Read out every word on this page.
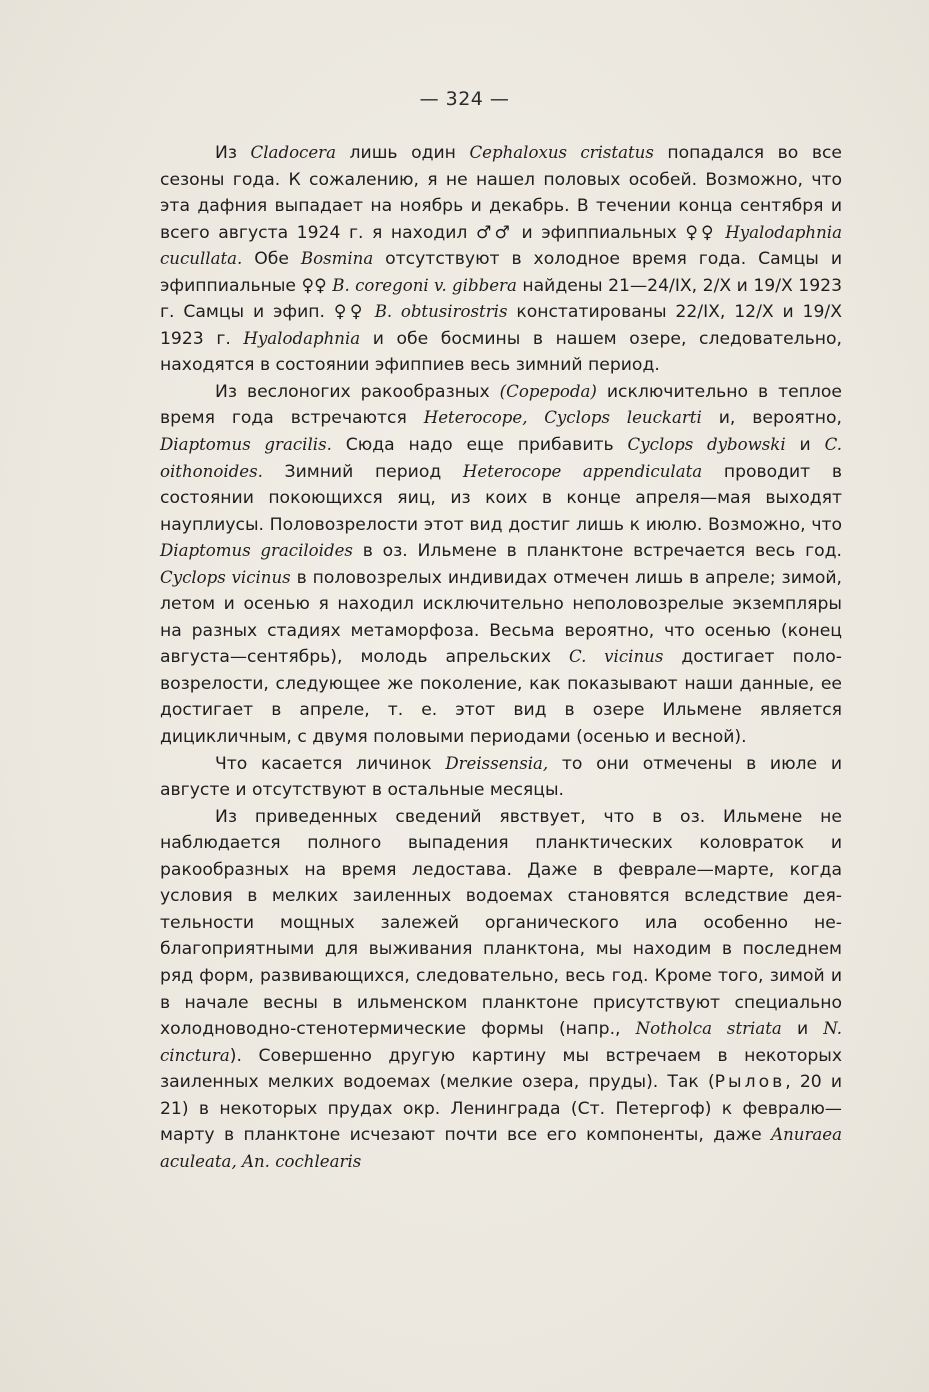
— 324 —

Из Cladocera лишь один Cephaloxus cristatus попадался во все сезоны года. К сожалению, я не нашел половых особей. Возможно, что эта дафния выпадает на ноябрь и декабрь. В течении конца сентября и всего августа 1924 г. я находил ♂♂ и эфиппиальных ♀♀ Hyalodaphnia cucullata. Обе Bosmina отсутствуют в холодное время года. Самцы и эфиппиальные ♀♀ B. coregoni v. gibbera найдены 21—24/IX, 2/X и 19/X 1923 г. Самцы и эфип. ♀♀ B. obtusirostris констатированы 22/IX, 12/X и 19/X 1923 г. Hyalodaphnia и обе босмины в нашем озере, следовательно, находятся в состоянии эфиппиев весь зимний период.

Из веслоногих ракообразных (Copepoda) исключительно в теплое время года встречаются Heterocope, Cyclops leuckarti и, вероятно, Diaptomus gracilis. Сюда надо еще прибавить Cyclops dybowski и C. oithonoides. Зимний период Heterocope appendiculata проводит в состоянии покоющихся яиц, из коих в конце апреля—мая выходят науплиусы. Половозрелости этот вид достиг лишь к июлю. Возможно, что Diaptomus graciloides в оз. Ильмене в планктоне встречается весь год. Cyclops vicinus в половозрелых индивидах отмечен лишь в апреле; зимой, летом и осенью я находил исключительно неполовозрелые экземпляры на разных стадиях метаморфоза. Весьма вероятно, что осенью (конец августа—сентябрь), молодь апрельских C. vicinus достигает половозрелости, следующее же поколение, как показывают наши данные, ее достигает в апреле, т. е. этот вид в озере Ильмене является дицикличным, с двумя половыми периодами (осенью и весной).

Что касается личинок Dreissensia, то они отмечены в июле и августе и отсутствуют в остальные месяцы.

Из приведенных сведений явствует, что в оз. Ильмене не наблюдается полного выпадения планктических коловраток и ракообразных на время ледостава. Даже в феврале—марте, когда условия в мелких заиленных водоемах становятся вследствие деятельности мощных залежей органического ила особенно неблагоприятными для выживания планктона, мы находим в последнем ряд форм, развивающихся, следовательно, весь год. Кроме того, зимой и в начале весны в ильменском планктоне присутствуют специально холодноводно-стенотермические формы (напр., Notholca striata и N. cinctura). Совершенно другую картину мы встречаем в некоторых заиленных мелких водоемах (мелкие озера, пруды). Так (Рылов, 20 и 21) в некоторых прудах окр. Ленинграда (Ст. Петергоф) к февралю—марту в планктоне исчезают почти все его компоненты, даже Anuraea aculeata, An. cochlearis
